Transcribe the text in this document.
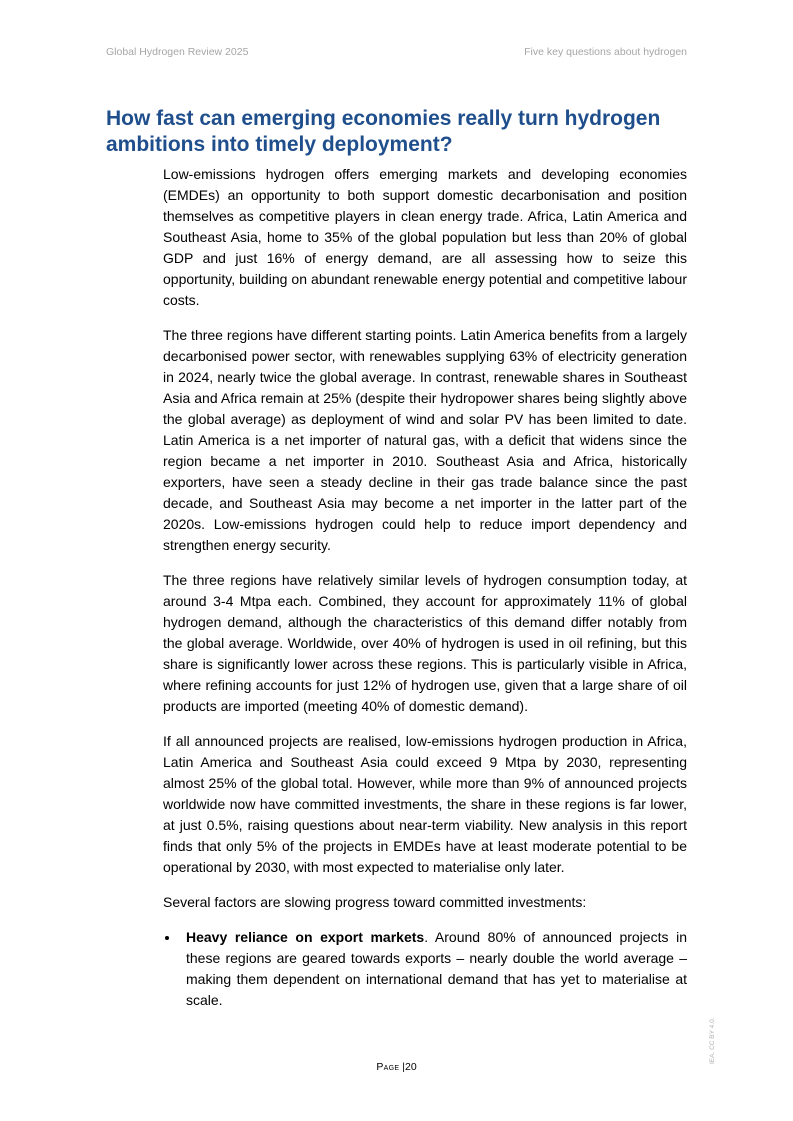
Global Hydrogen Review 2025	Five key questions about hydrogen
How fast can emerging economies really turn hydrogen ambitions into timely deployment?

Low-emissions hydrogen offers emerging markets and developing economies (EMDEs) an opportunity to both support domestic decarbonisation and position themselves as competitive players in clean energy trade. Africa, Latin America and Southeast Asia, home to 35% of the global population but less than 20% of global GDP and just 16% of energy demand, are all assessing how to seize this opportunity, building on abundant renewable energy potential and competitive labour costs.

The three regions have different starting points. Latin America benefits from a largely decarbonised power sector, with renewables supplying 63% of electricity generation in 2024, nearly twice the global average. In contrast, renewable shares in Southeast Asia and Africa remain at 25% (despite their hydropower shares being slightly above the global average) as deployment of wind and solar PV has been limited to date. Latin America is a net importer of natural gas, with a deficit that widens since the region became a net importer in 2010. Southeast Asia and Africa, historically exporters, have seen a steady decline in their gas trade balance since the past decade, and Southeast Asia may become a net importer in the latter part of the 2020s. Low-emissions hydrogen could help to reduce import dependency and strengthen energy security.

The three regions have relatively similar levels of hydrogen consumption today, at around 3-4 Mtpa each. Combined, they account for approximately 11% of global hydrogen demand, although the characteristics of this demand differ notably from the global average. Worldwide, over 40% of hydrogen is used in oil refining, but this share is significantly lower across these regions. This is particularly visible in Africa, where refining accounts for just 12% of hydrogen use, given that a large share of oil products are imported (meeting 40% of domestic demand).

If all announced projects are realised, low-emissions hydrogen production in Africa, Latin America and Southeast Asia could exceed 9 Mtpa by 2030, representing almost 25% of the global total. However, while more than 9% of announced projects worldwide now have committed investments, the share in these regions is far lower, at just 0.5%, raising questions about near-term viability. New analysis in this report finds that only 5% of the projects in EMDEs have at least moderate potential to be operational by 2030, with most expected to materialise only later.

Several factors are slowing progress toward committed investments:

Heavy reliance on export markets. Around 80% of announced projects in these regions are geared towards exports – nearly double the world average – making them dependent on international demand that has yet to materialise at scale.
Page |20
IEA. CC BY 4.0.
